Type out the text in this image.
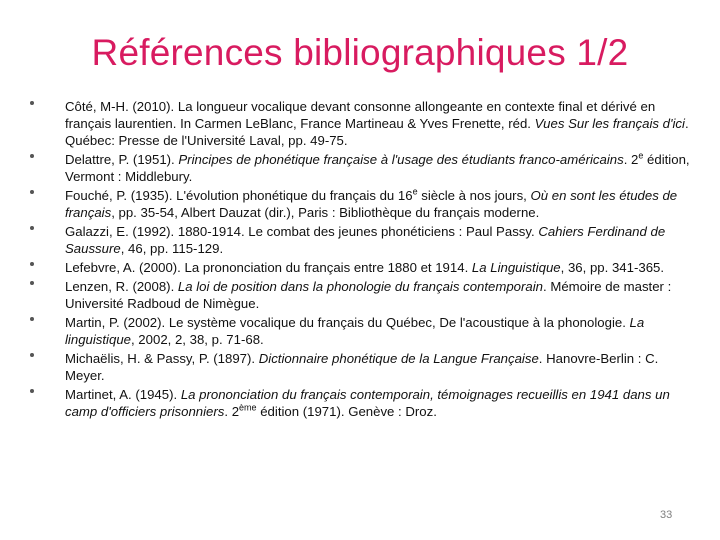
Références bibliographiques 1/2
Côté, M-H. (2010). La longueur vocalique devant consonne allongeante en contexte final et dérivé en français laurentien. In Carmen LeBlanc, France Martineau & Yves Frenette, réd. Vues Sur les français d'ici. Québec: Presse de l'Université Laval, pp. 49-75.
Delattre, P. (1951). Principes de phonétique française à l'usage des étudiants franco-américains. 2e édition, Vermont : Middlebury.
Fouché, P. (1935). L'évolution phonétique du français du 16e siècle à nos jours, Où en sont les études de français, pp. 35-54, Albert Dauzat (dir.), Paris : Bibliothèque du français moderne.
Galazzi, E. (1992). 1880-1914. Le combat des jeunes phonéticiens : Paul Passy. Cahiers Ferdinand de Saussure, 46, pp. 115-129.
Lefebvre, A. (2000). La prononciation du français entre 1880 et 1914. La Linguistique, 36, pp. 341-365.
Lenzen, R. (2008). La loi de position dans la phonologie du français contemporain. Mémoire de master : Université Radboud de Nimègue.
Martin, P. (2002). Le système vocalique du français du Québec, De l'acoustique à la phonologie. La linguistique, 2002, 2, 38, p. 71-68.
Michaëlis, H. & Passy, P. (1897). Dictionnaire phonétique de la Langue Française. Hanovre-Berlin : C. Meyer.
Martinet, A. (1945). La prononciation du français contemporain, témoignages recueillis en 1941 dans un camp d'officiers prisonniers. 2ème édition (1971). Genève : Droz.
33
